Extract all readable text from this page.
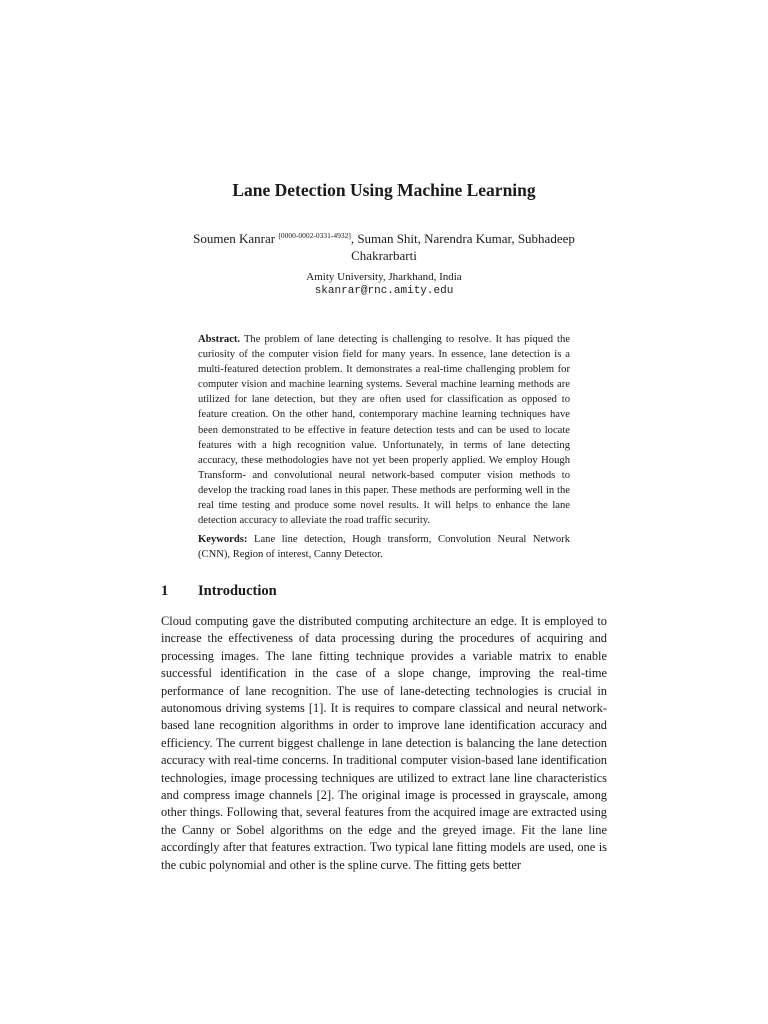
Lane Detection Using Machine Learning
Soumen Kanrar [0000-0002-0331-4932], Suman Shit, Narendra Kumar, Subhadeep
Chakrarbarti
Amity University, Jharkhand, India
skanrar@rnc.amity.edu
Abstract. The problem of lane detecting is challenging to resolve. It has piqued the curiosity of the computer vision field for many years. In essence, lane detection is a multi-featured detection problem. It demonstrates a real-time challenging problem for computer vision and machine learning systems. Several machine learning methods are utilized for lane detection, but they are often used for classification as opposed to feature creation. On the other hand, contemporary machine learning techniques have been demonstrated to be effective in feature detection tests and can be used to locate features with a high recognition value. Unfortunately, in terms of lane detecting accuracy, these methodologies have not yet been properly applied. We employ Hough Transform- and convolutional neural network-based computer vision methods to develop the tracking road lanes in this paper. These methods are performing well in the real time testing and produce some novel results. It will helps to enhance the lane detection accuracy to alleviate the road traffic security.
Keywords: Lane line detection, Hough transform, Convolution Neural Network (CNN), Region of interest, Canny Detector.
1 Introduction
Cloud computing gave the distributed computing architecture an edge. It is employed to increase the effectiveness of data processing during the procedures of acquiring and processing images. The lane fitting technique provides a variable matrix to enable successful identification in the case of a slope change, improving the real-time performance of lane recognition. The use of lane-detecting technologies is crucial in autonomous driving systems [1]. It is requires to compare classical and neural network-based lane recognition algorithms in order to improve lane identification accuracy and efficiency. The current biggest challenge in lane detection is balancing the lane detection accuracy with real-time concerns. In traditional computer vision-based lane identification technologies, image processing techniques are utilized to extract lane line characteristics and compress image channels [2]. The original image is processed in grayscale, among other things. Following that, several features from the acquired image are extracted using the Canny or Sobel algorithms on the edge and the greyed image. Fit the lane line accordingly after that features extraction. Two typical lane fitting models are used, one is the cubic polynomial and other is the spline curve. The fitting gets better
